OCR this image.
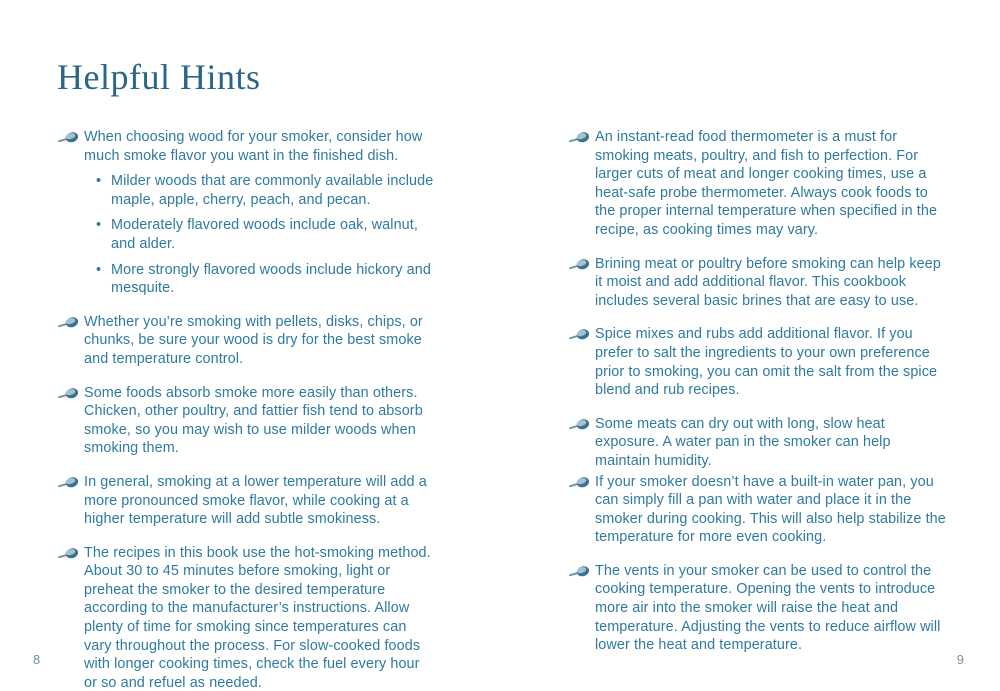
Helpful Hints
When choosing wood for your smoker, consider how much smoke flavor you want in the finished dish.
• Milder woods that are commonly available include maple, apple, cherry, peach, and pecan.
• Moderately flavored woods include oak, walnut, and alder.
• More strongly flavored woods include hickory and mesquite.
Whether you’re smoking with pellets, disks, chips, or chunks, be sure your wood is dry for the best smoke and temperature control.
Some foods absorb smoke more easily than others. Chicken, other poultry, and fattier fish tend to absorb smoke, so you may wish to use milder woods when smoking them.
In general, smoking at a lower temperature will add a more pronounced smoke flavor, while cooking at a higher temperature will add subtle smokiness.
The recipes in this book use the hot-smoking method. About 30 to 45 minutes before smoking, light or preheat the smoker to the desired temperature according to the manufacturer’s instructions. Allow plenty of time for smoking since temperatures can vary throughout the process. For slow-cooked foods with longer cooking times, check the fuel every hour or so and refuel as needed.
An instant-read food thermometer is a must for smoking meats, poultry, and fish to perfection. For larger cuts of meat and longer cooking times, use a heat-safe probe thermometer. Always cook foods to the proper internal temperature when specified in the recipe, as cooking times may vary.
Brining meat or poultry before smoking can help keep it moist and add additional flavor. This cookbook includes several basic brines that are easy to use.
Spice mixes and rubs add additional flavor. If you prefer to salt the ingredients to your own preference prior to smoking, you can omit the salt from the spice blend and rub recipes.
Some meats can dry out with long, slow heat exposure. A water pan in the smoker can help maintain humidity.
If your smoker doesn’t have a built-in water pan, you can simply fill a pan with water and place it in the smoker during cooking. This will also help stabilize the temperature for more even cooking.
The vents in your smoker can be used to control the cooking temperature. Opening the vents to introduce more air into the smoker will raise the heat and temperature. Adjusting the vents to reduce airflow will lower the heat and temperature.
8	9
